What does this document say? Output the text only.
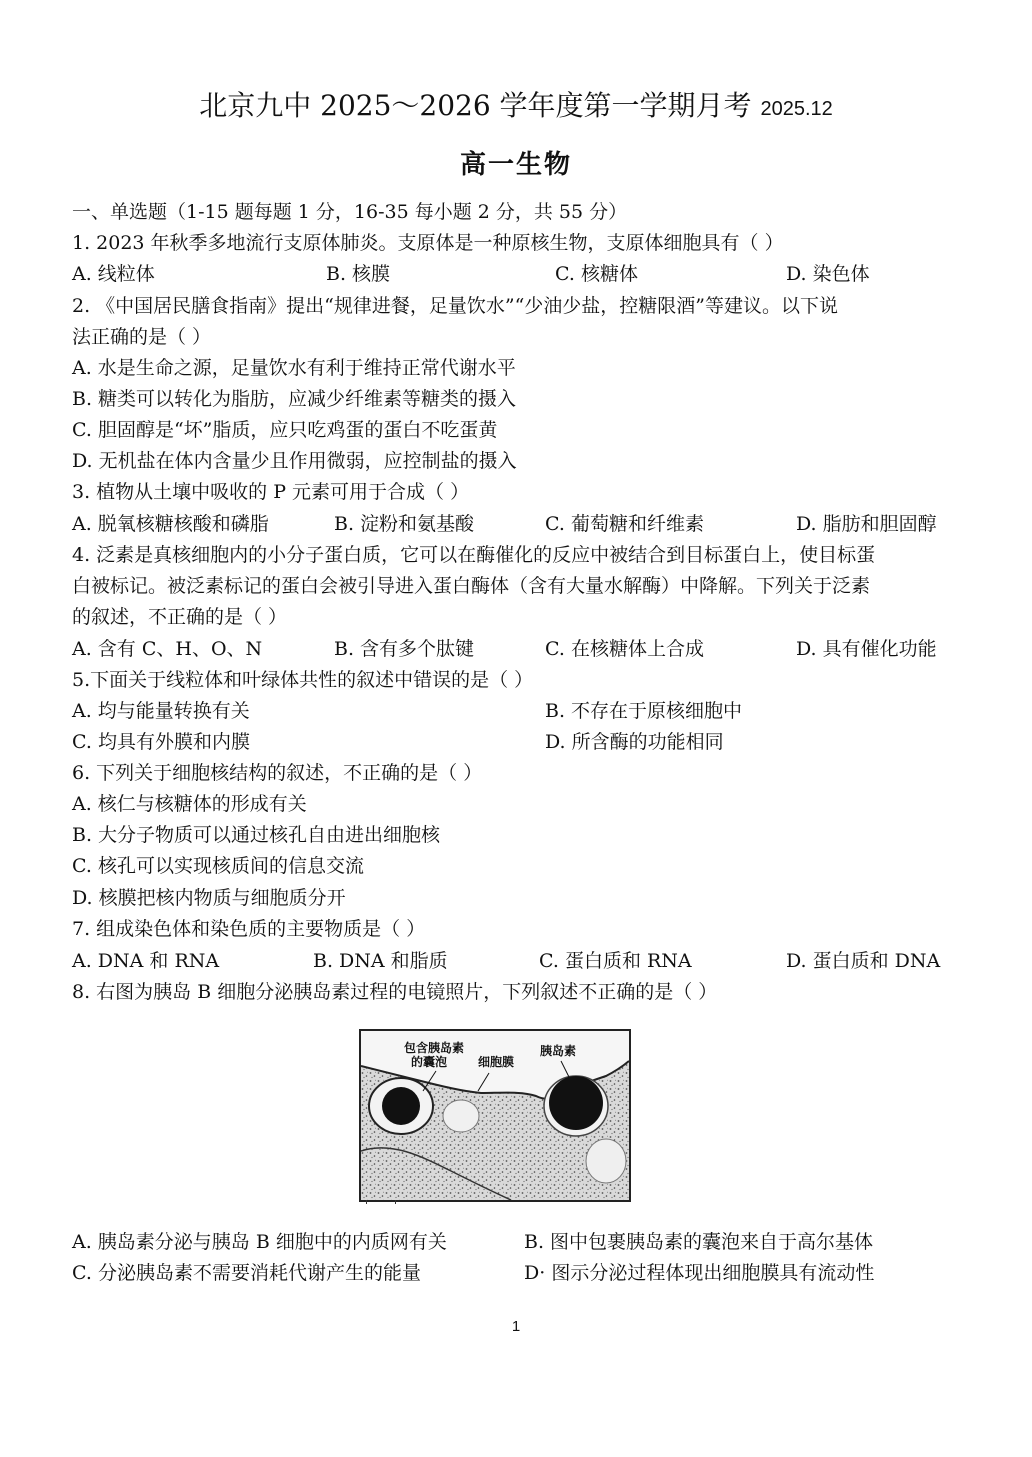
北京九中 2025～2026 学年度第一学期月考 2025.12
高一生物
一、单选题（1-15 题每题 1 分，16-35 每小题 2 分，共 55 分）
1. 2023 年秋季多地流行支原体肺炎。支原体是一种原核生物，支原体细胞具有（ ）
A. 线粒体	B. 核膜	C. 核糖体	D. 染色体
2. 《中国居民膳食指南》提出“规律进餐，足量饮水”“少油少盐，控糖限酒”等建议。以下说
法正确的是（ ）
A. 水是生命之源，足量饮水有利于维持正常代谢水平
B. 糖类可以转化为脂肪，应减少纤维素等糖类的摄入
C. 胆固醇是“坏”脂质，应只吃鸡蛋的蛋白不吃蛋黄
D. 无机盐在体内含量少且作用微弱，应控制盐的摄入
3. 植物从土壤中吸收的 P 元素可用于合成（ ）
A. 脱氧核糖核酸和磷脂	B. 淀粉和氨基酸	C. 葡萄糖和纤维素	D. 脂肪和胆固醇
4. 泛素是真核细胞内的小分子蛋白质，它可以在酶催化的反应中被结合到目标蛋白上，使目标蛋
白被标记。被泛素标记的蛋白会被引导进入蛋白酶体（含有大量水解酶）中降解。下列关于泛素
的叙述，不正确的是（ ）
A. 含有 C、H、O、N	B. 含有多个肽键	C. 在核糖体上合成	D. 具有催化功能
5.下面关于线粒体和叶绿体共性的叙述中错误的是（ ）
A. 均与能量转换有关	B. 不存在于原核细胞中
C. 均具有外膜和内膜	D. 所含酶的功能相同
6. 下列关于细胞核结构的叙述，不正确的是（ ）
A. 核仁与核糖体的形成有关
B. 大分子物质可以通过核孔自由进出细胞核
C. 核孔可以实现核质间的信息交流
D. 核膜把核内物质与细胞质分开
7. 组成染色体和染色质的主要物质是（ ）
A. DNA 和 RNA	B. DNA 和脂质	C. 蛋白质和 RNA	D. 蛋白质和 DNA
8. 右图为胰岛 B 细胞分泌胰岛素过程的电镜照片，下列叙述不正确的是（ ）
包含胰岛素
的囊泡	细胞膜
胰岛素
A. 胰岛素分泌与胰岛 B 细胞中的内质网有关	B. 图中包裹胰岛素的囊泡来自于高尔基体
C. 分泌胰岛素不需要消耗代谢产生的能量	D· 图示分泌过程体现出细胞膜具有流动性
1
